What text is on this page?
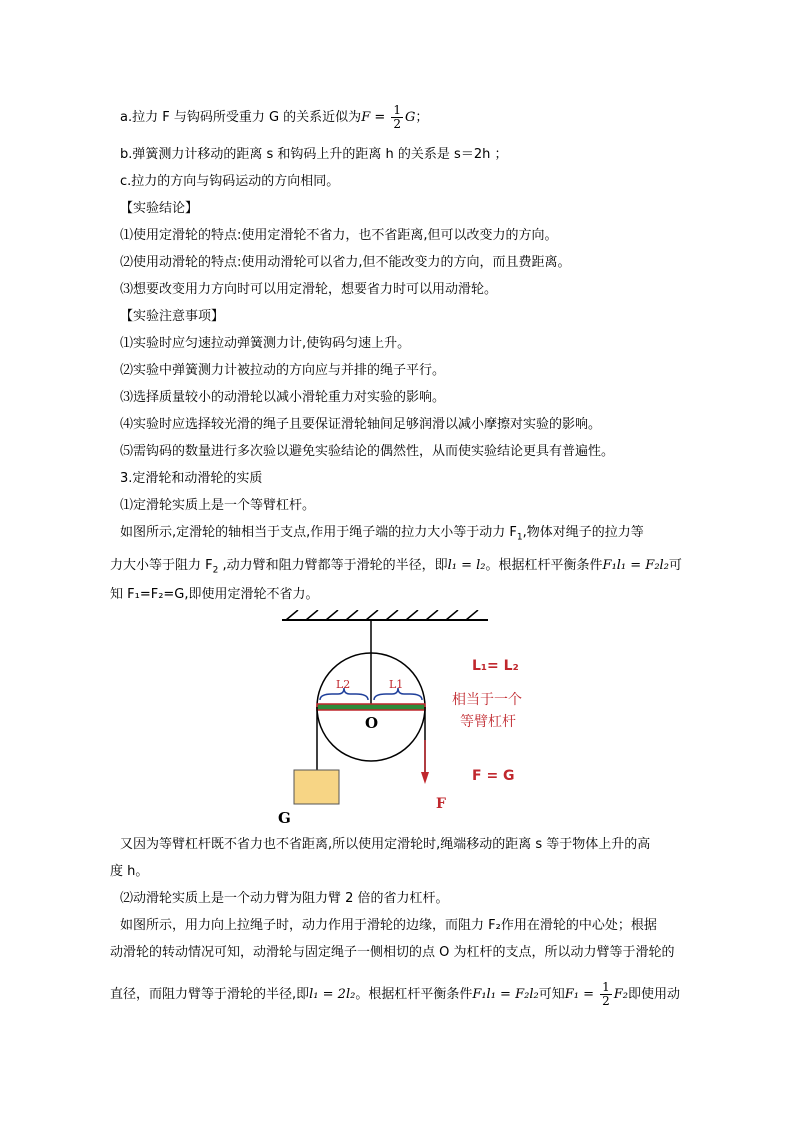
a.拉力 F 与钩码所受重力 G 的关系近似为$F = \frac{1}{2}$ G；
b.弹簧测力计移动的距离 s 和钩码上升的距离 h 的关系是 s＝2h ；
c.拉力的方向与钩码运动的方向相同。
【实验结论】
⑴使用定滑轮的特点:使用定滑轮不省力，也不省距离,但可以改变力的方向。
⑵使用动滑轮的特点:使用动滑轮可以省力,但不能改变力的方向，而且费距离。
⑶想要改变用力方向时可以用定滑轮，想要省力时可以用动滑轮。
【实验注意事项】
⑴实验时应匀速拉动弹簧测力计,使钩码匀速上升。
⑵实验中弹簧测力计被拉动的方向应与并排的绳子平行。
⑶选择质量较小的动滑轮以减小滑轮重力对实验的影响。
⑷实验时应选择较光滑的绳子且要保证滑轮轴间足够润滑以减小摩擦对实验的影响。
⑸需钩码的数量进行多次验以避免实验结论的偶然性，从而使实验结论更具有普遍性。
3.定滑轮和动滑轮的实质
⑴定滑轮实质上是一个等臂杠杆。
如图所示,定滑轮的轴相当于支点,作用于绳子端的拉力大小等于动力 $F_1$,物体对绳子的拉力等
力大小等于阻力 $F_2$ ,动力臂和阻力臂都等于滑轮的半径，即l₁ = l₂。根据杠杆平衡条件F₁l₁ = F₂l₂可
知 F₁=F₂=G,即使用定滑轮不省力。
L2	L1
O
G
F
L₁= L₂
相当于一个
等臂杠杆
F = G
又因为等臂杠杆既不省力也不省距离,所以使用定滑轮时,绳端移动的距离 s 等于物体上升的高
度 h。
⑵动滑轮实质上是一个动力臂为阻力臂 2 倍的省力杠杆。
如图所示，用力向上拉绳子时，动力作用于滑轮的边缘，而阻力 F₂作用在滑轮的中心处；根据
动滑轮的转动情况可知，动滑轮与固定绳子一侧相切的点 O 为杠杆的支点，所以动力臂等于滑轮的
直径，而阻力臂等于滑轮的半径,即l₁ = 2l₂。根据杠杆平衡条件F₁l₁ = F₂l₂可知$F_1 = \frac{1}{2} F_2$即使用动
